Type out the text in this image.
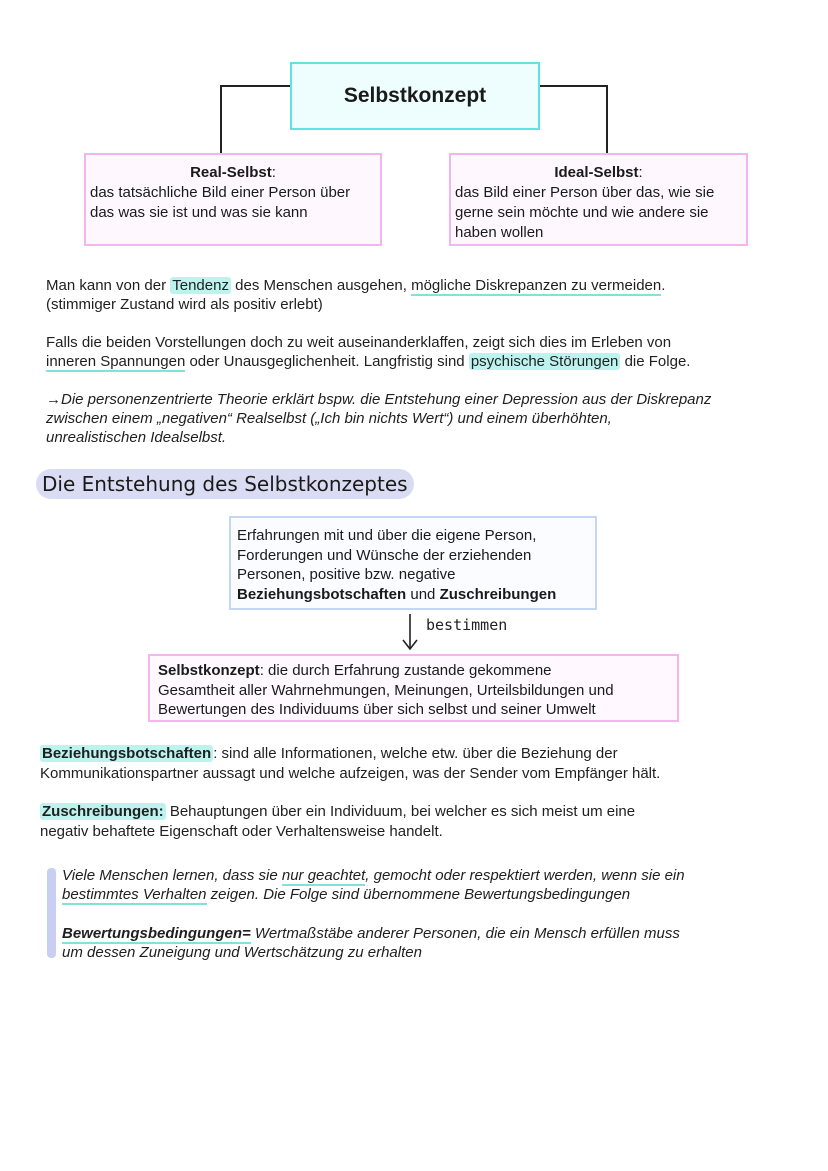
Selbstkonzept
Real-Selbst:
das tatsächliche Bild einer Person über
das was sie ist und was sie kann
Ideal-Selbst:
das Bild einer Person über das, wie sie
gerne sein möchte und wie andere sie
haben wollen
Man kann von der Tendenz des Menschen ausgehen, mögliche Diskrepanzen zu vermeiden.
(stimmiger Zustand wird als positiv erlebt)
Falls die beiden Vorstellungen doch zu weit auseinanderklaffen, zeigt sich dies im Erleben von
inneren Spannungen oder Unausgeglichenheit. Langfristig sind psychische Störungen die Folge.
→Die personenzentrierte Theorie erklärt bspw. die Entstehung einer Depression aus der Diskrepanz
zwischen einem „negativen“ Realselbst („Ich bin nichts Wert“) und einem überhöhten,
unrealistischen Idealselbst.
Die Entstehung des Selbstkonzeptes
Erfahrungen mit und über die eigene Person,
Forderungen und Wünsche der erziehenden
Personen, positive bzw. negative
Beziehungsbotschaften und Zuschreibungen
bestimmen
Selbstkonzept: die durch Erfahrung zustande gekommene
Gesamtheit aller Wahrnehmungen, Meinungen, Urteilsbildungen und
Bewertungen des Individuums über sich selbst und seiner Umwelt
Beziehungsbotschaften : sind alle Informationen, welche etw. über die Beziehung der
Kommunikationspartner aussagt und welche aufzeigen, was der Sender vom Empfänger hält.
Zuschreibungen: Behauptungen über ein Individuum, bei welcher es sich meist um eine
negativ behaftete Eigenschaft oder Verhaltensweise handelt.
Viele Menschen lernen, dass sie nur geachtet, gemocht oder respektiert werden, wenn sie ein
bestimmtes Verhalten zeigen. Die Folge sind übernommene Bewertungsbedingungen
Bewertungsbedingungen= Wertmaßstäbe anderer Personen, die ein Mensch erfüllen muss
um dessen Zuneigung und Wertschätzung zu erhalten
